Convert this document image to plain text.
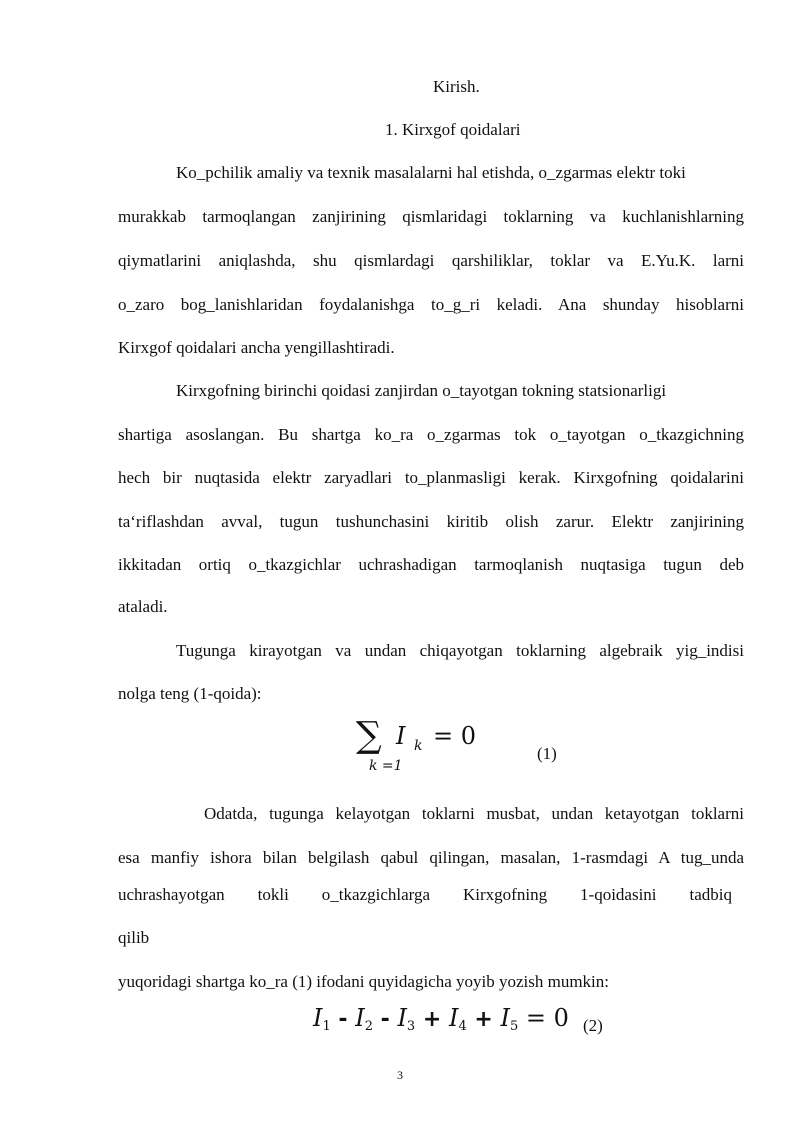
Kirish.
1. Kirxgof qoidalari
Ko_pchilik amaliy va texnik masalalarni hal etishda, o_zgarmas elektr toki
murakkab tarmoqlangan zanjirining qismlaridagi toklarning va kuchlanishlarning
qiymatlarini aniqlashda, shu qismlardagi qarshiliklar, toklar va E.Yu.K. larni
o_zaro bog_lanishlaridan foydalanishga to_g_ri keladi. Ana shunday hisoblarni
Kirxgof qoidalari ancha yengillashtiradi.
Kirxgofning birinchi qoidasi zanjirdan o_tayotgan tokning statsionarligi
shartiga asoslangan. Bu shartga ko_ra o_zgarmas tok o_tayotgan o_tkazgichning
hech bir nuqtasida elektr zaryadlari to_planmasligi kerak. Kirxgofning qoidalarini
ta‘riflashdan avval, tugun tushunchasini kiritib olish zarur. Elektr zanjirining
ikkitadan ortiq o_tkazgichlar uchrashadigan tarmoqlanish nuqtasiga tugun deb
ataladi.
Tugunga kirayotgan va undan chiqayotgan toklarning algebraik yig_indisi
nolga teng (1-qoida):
∑ I k = 0
k =1
(1)
Odatda, tugunga kelayotgan toklarni musbat, undan ketayotgan toklarni
esa manfiy ishora bilan belgilash qabul qilingan, masalan, 1-rasmdagi A tug_unda
uchrashayotgan tokli o_tkazgichlarga Kirxgofning 1-qoidasini tadbiq
qilib
yuqoridagi shartga ko_ra (1) ifodani quyidagicha yoyib yozish mumkin:
$I_1 - I_2 - I_3 + I_4 + I_5 = 0$ (2)
3
